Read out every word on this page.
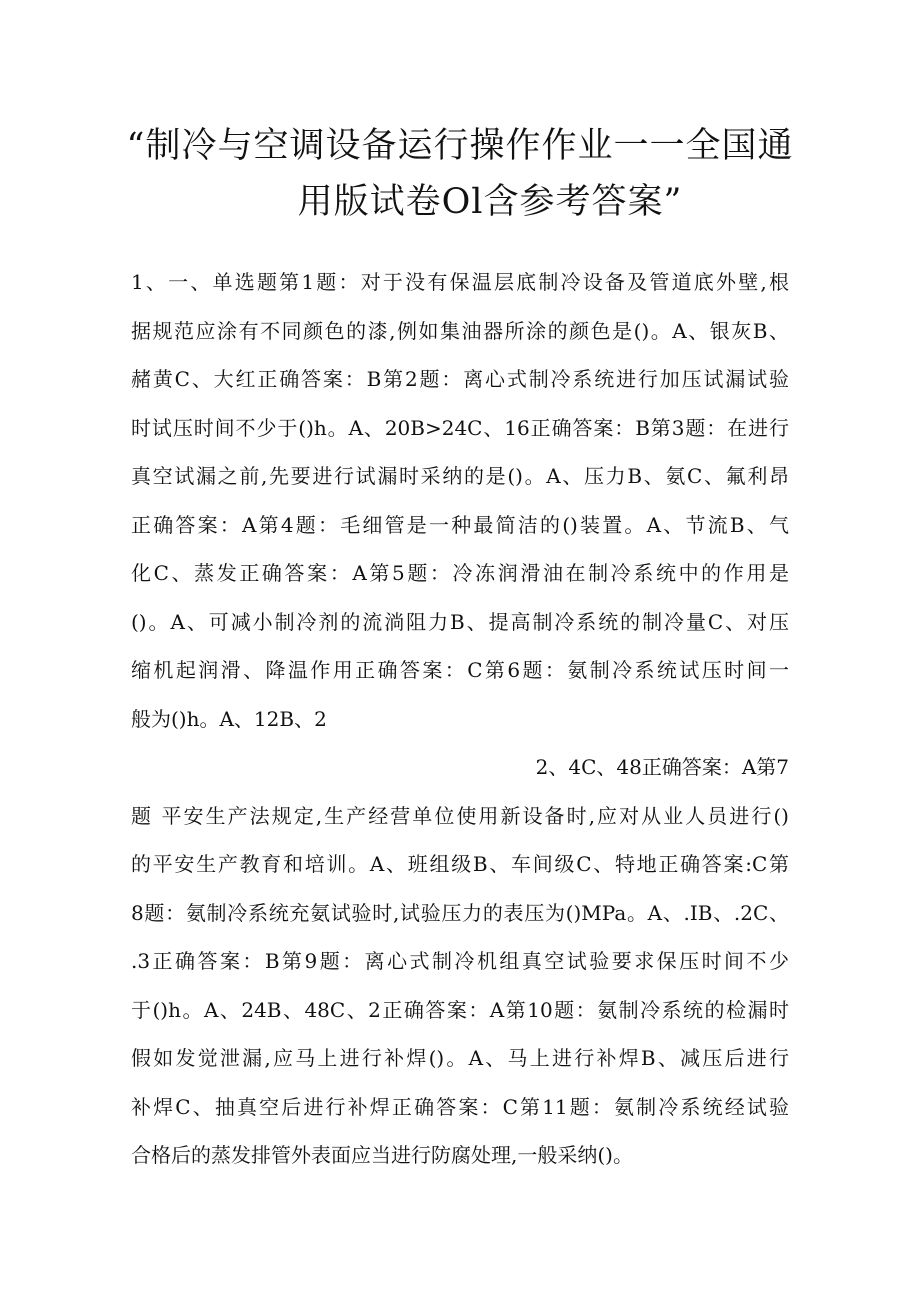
“制冷与空调设备运行操作作业一一全国通
用版试卷Ol含参考答案”
1、一、单选题第1题：对于没有保温层底制冷设备及管道底外壁,根
据规范应涂有不同颜色的漆,例如集油器所涂的颜色是()。A、银灰B、
赭黄C、大红正确答案：B第2题：离心式制冷系统进行加压试漏试验
时试压时间不少于()h。A、20B>24C、16正确答案：B第3题：在进行
真空试漏之前,先要进行试漏时采纳的是()。A、压力B、氨C、氟利昂
正确答案：A第4题：毛细管是一种最简洁的()装置。A、节流B、气
化C、蒸发正确答案：A第5题：冷冻润滑油在制冷系统中的作用是
()。A、可减小制冷剂的流淌阻力B、提高制冷系统的制冷量C、对压
缩机起润滑、降温作用正确答案：C第6题：氨制冷系统试压时间一
般为()h。A、12B、2
2、4C、48正确答案：A第7
题 平安生产法规定,生产经营单位使用新设备时,应对从业人员进行()
的平安生产教育和培训。A、班组级B、车间级C、特地正确答案:C第
8题：氨制冷系统充氨试验时,试验压力的表压为()MPa。A、.IB、.2C、
.3正确答案：B第9题：离心式制冷机组真空试验要求保压时间不少
于()h。A、24B、48C、2正确答案：A第10题：氨制冷系统的检漏时
假如发觉泄漏,应马上进行补焊()。A、马上进行补焊B、减压后进行
补焊C、抽真空后进行补焊正确答案：C第11题：氨制冷系统经试验
合格后的蒸发排管外表面应当进行防腐处理,一般采纳()。
